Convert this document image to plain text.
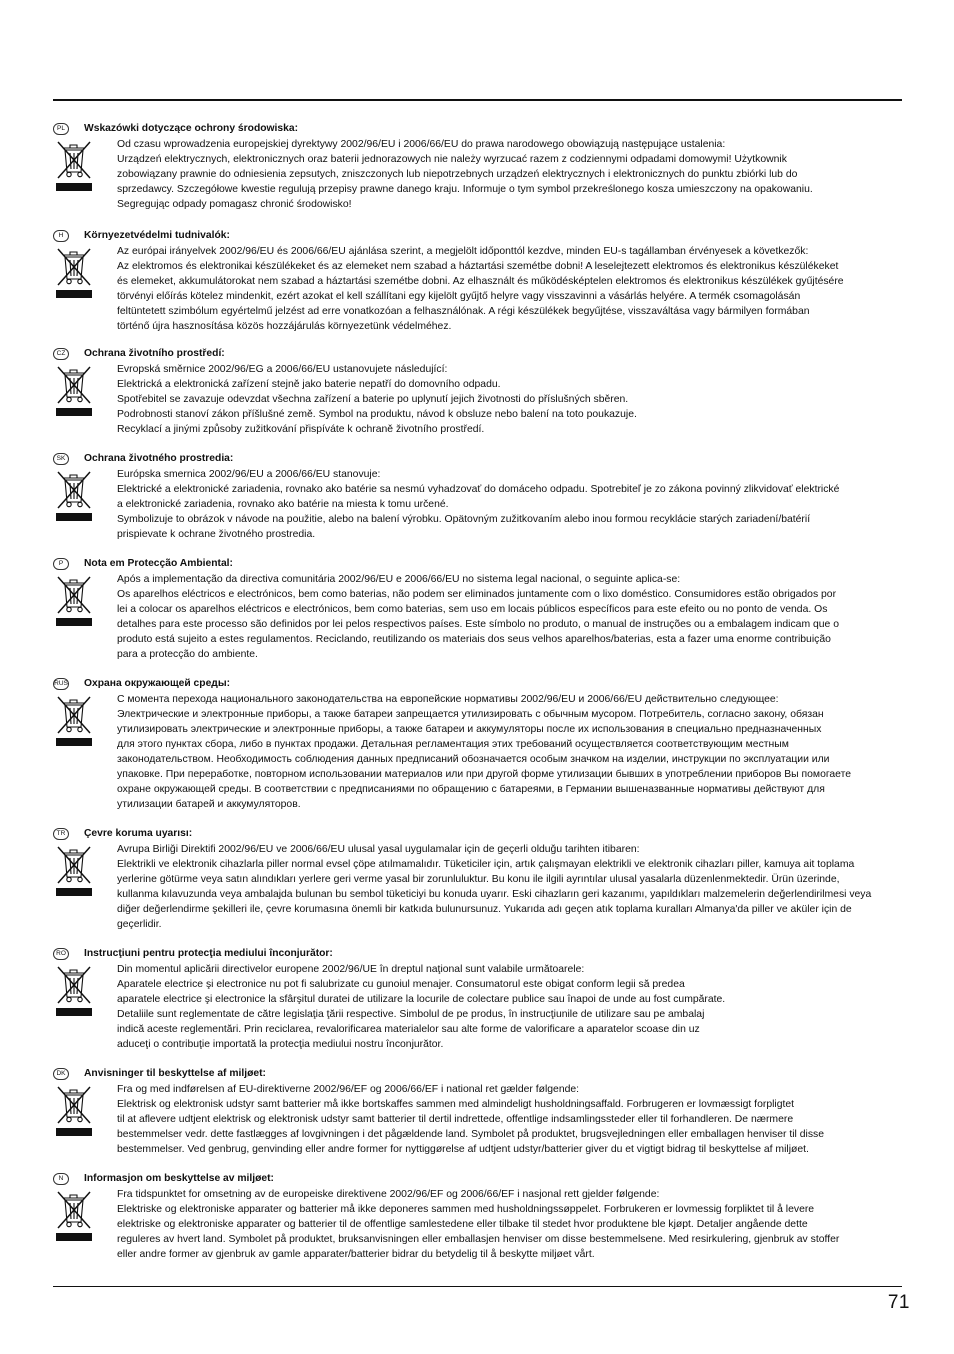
PL	Wskazówki dotyczące ochrony środowiska:

Od czasu wprowadzenia europejskiej dyrektywy 2002/96/EU i 2006/66/EU do prawa narodowego obowiązują następujące ustalenia:

Urządzeń elektrycznych, elektronicznych oraz baterii jednorazowych nie należy wyrzucać razem z codziennymi odpadami domowymi! Użytkownik

zobowiązany prawnie do odniesienia zepsutych, zniszczonych lub niepotrzebnych urządzeń elektrycznych i elektronicznych do punktu zbiórki lub do

sprzedawcy. Szczegółowe kwestie regulują przepisy prawne danego kraju. Informuje o tym symbol przekreślonego kosza umieszczony na opakowaniu.

Segregując odpady pomagasz chronić środowisko!

H	Környezetvédelmi tudnivalók:

Az európai irányelvek 2002/96/EU és 2006/66/EU ajánlása szerint, a megjelölt időponttól kezdve, minden EU-s tagállamban érvényesek a következők:

Az elektromos és elektronikai készülékeket és az elemeket nem szabad a háztartási szemétbe dobni! A leselejtezett elektromos és elektronikus készülékeket

és elemeket, akkumulátorokat nem szabad a háztartási szemétbe dobni. Az elhasznált és működésképtelen elektromos és elektronikus készülékek gyűjtésére

törvényi előírás kötelez mindenkit, ezért azokat el kell szállítani egy kijelölt gyűjtő helyre vagy visszavinni a vásárlás helyére. A termék csomagolásán

feltüntetett szimbólum egyértelmű jelzést ad erre vonatkozóan a felhasználónak. A régi készülékek begyűjtése, visszaváltása vagy bármilyen formában

történő újra hasznosítása közös hozzájárulás környezetünk védelméhez.

CZ	Ochrana životního prostředí:

Evropská směrnice 2002/96/EG a 2006/66/EU ustanovujete následující:

Elektrická a elektronická zařízení stejně jako baterie nepatří do domovního odpadu.

Spotřebitel se zavazuje odevzdat všechna zařízení a baterie po uplynutí jejich životnosti do příslušných sběren.

Podrobnosti stanoví zákon příšlušné země. Symbol na produktu, návod k obsluze nebo balení na toto poukazuje.

Recyklací a jinými způsoby zužitkování přispíváte k ochraně životního prostředí.

SK	Ochrana životného prostredia:

Európska smernica 2002/96/EU a 2006/66/EU stanovuje:

Elektrické a elektronické zariadenia, rovnako ako batérie sa nesmú vyhadzovať do domáceho odpadu. Spotrebiteľ je zo zákona povinný zlikvidovať elektrické

a elektronické zariadenia, rovnako ako batérie na miesta k tomu určené.

Symbolizuje to obrázok v návode na použitie, alebo na balení výrobku. Opätovným zužitkovaním alebo inou formou recyklácie starých zariadení/batérií

prispievate k ochrane životného prostredia.

P	Nota em Protecção Ambiental:

Após a implementação da directiva comunitária 2002/96/EU e 2006/66/EU no sistema legal nacional, o seguinte aplica-se:

Os aparelhos eléctricos e electrónicos, bem como baterias, não podem ser eliminados juntamente com o lixo doméstico. Consumidores estão obrigados por

lei a colocar os aparelhos eléctricos e electrónicos, bem como baterias, sem uso em locais públicos específicos para este efeito ou no ponto de venda. Os

detalhes para este processo são definidos por lei pelos respectivos países. Este símbolo no produto, o manual de instruções ou a embalagem indicam que o

produto está sujeito a estes regulamentos. Reciclando, reutilizando os materiais dos seus velhos aparelhos/baterias, esta a fazer uma enorme contribuição

para a protecção do ambiente.

RUS Охрана окружающей среды:

С момента перехода национального законодательства на европейские нормативы 2002/96/EU и 2006/66/EU действительно следующее:

Электрические и электронные приборы, а также батареи запрещается утилизировать с обычным мусором. Потребитель, согласно закону, обязан

утилизировать электрические и электронные приборы, а также батареи и аккумуляторы после их использования в специально предназначенных

для этого пунктах сбора, либо в пунктах продажи. Детальная регламентация этих требований осуществляется соответствующим местным

законодательством. Необходимость соблюдения данных предписаний обозначается особым значком на изделии, инструкции по эксплуатации или

упаковке. При переработке, повторном использовании материалов или при другой форме утилизации бывших в употреблении приборов Вы помогаете

охране окружающей среды. В соответствии с предписаниями по обращению с батареями, в Германии вышеназванные нормативы действуют для

утилизации батарей и аккумуляторов.

TR	Çevre koruma uyarısı:

Avrupa Birliği Direktifi 2002/96/EU ve 2006/66/EU ulusal yasal uygulamalar için de geçerli olduğu tarihten itibaren:

Elektrikli ve elektronik cihazlarla piller normal evsel çöpe atılmamalıdır. Tüketiciler için, artık çalışmayan elektrikli ve elektronik cihazları piller, kamuya ait toplama

yerlerine götürme veya satın alındıkları yerlere geri verme yasal bir zorunluluktur. Bu konu ile ilgili ayrıntılar ulusal yasalarla düzenlenmektedir. Ürün üzerinde,

kullanma kılavuzunda veya ambalajda bulunan bu sembol tüketiciyi bu konuda uyarır. Eski cihazların geri kazanımı, yapıldıkları malzemelerin değerlendirilmesi veya

diğer değerlendirme şekilleri ile, çevre korumasına önemli bir katkıda bulunursunuz. Yukarıda adı geçen atık toplama kuralları Almanya'da piller ve aküler için de

geçerlidir.

RO	Instrucţiuni pentru protecţia mediului înconjurător:

Din momentul aplicării directivelor europene 2002/96/UE în dreptul naţional sunt valabile următoarele:

Aparatele electrice şi electronice nu pot fi salubrizate cu gunoiul menajer. Consumatorul este obigat conform legii să predea

aparatele electrice şi electronice la sfârşitul duratei de utilizare la locurile de colectare publice sau înapoi de unde au fost cumpărate.

Detaliile sunt reglementate de către legislaţia ţării respective. Simbolul de pe produs, în instrucţiunile de utilizare sau pe ambalaj

indică aceste reglementări. Prin reciclarea, revalorificarea materialelor sau alte forme de valorificare a aparatelor scoase din uz

aduceţi o contribuţie importată la protecţia mediului nostru înconjurător.

DK	Anvisninger til beskyttelse af miljøet:

Fra og med indførelsen af EU-direktiverne 2002/96/EF og 2006/66/EF i national ret gælder følgende:

Elektrisk og elektronisk udstyr samt batterier må ikke bortskaffes sammen med almindeligt husholdningsaffald. Forbrugeren er lovmæssigt forpligtet

til at aflevere udtjent elektrisk og elektronisk udstyr samt batterier til dertil indrettede, offentlige indsamlingssteder eller til forhandleren. De nærmere

bestemmelser vedr. dette fastlægges af lovgivningen i det pågældende land. Symbolet på produktet, brugsvejledningen eller emballagen henviser til disse

bestemmelser. Ved genbrug, genvinding eller andre former for nyttiggørelse af udtjent udstyr/batterier giver du et vigtigt bidrag til beskyttelse af miljøet.

N	Informasjon om beskyttelse av miljøet:

Fra tidspunktet for omsetning av de europeiske direktivene 2002/96/EF og 2006/66/EF i nasjonal rett gjelder følgende:

Elektriske og elektroniske apparater og batterier må ikke deponeres sammen med husholdningssøppelet. Forbrukeren er lovmessig forpliktet til å levere

elektriske og elektroniske apparater og batterier til de offentlige samlestedene eller tilbake til stedet hvor produktene ble kjøpt. Detaljer angående dette

reguleres av hvert land. Symbolet på produktet, bruksanvisningen eller emballasjen henviser om disse bestemmelsene. Med resirkulering, gjenbruk av stoffer

eller andre former av gjenbruk av gamle apparater/batterier bidrar du betydelig til å beskytte miljøet vårt.

71
